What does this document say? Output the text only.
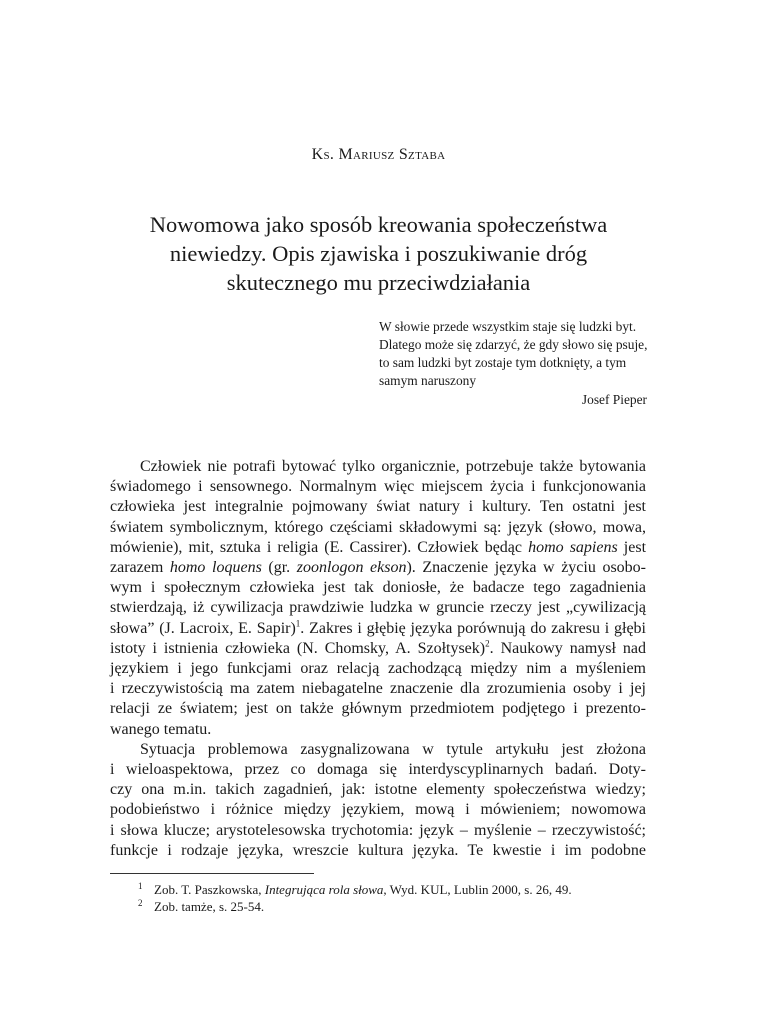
Ks. Mariusz Sztaba
Nowomowa jako sposób kreowania społeczeństwa
niewiedzy. Opis zjawiska i poszukiwanie dróg
skutecznego mu przeciwdziałania
W słowie przede wszystkim staje się ludzki byt.
Dlatego może się zdarzyć, że gdy słowo się psuje,
to sam ludzki byt zostaje tym dotknięty, a tym
samym naruszony
Josef Pieper
Człowiek nie potrafi bytować tylko organicznie, potrzebuje także bytowania
świadomego i sensownego. Normalnym więc miejscem życia i funkcjonowania
człowieka jest integralnie pojmowany świat natury i kultury. Ten ostatni jest
światem symbolicznym, którego częściami składowymi są: język (słowo, mowa,
mówienie), mit, sztuka i religia (E. Cassirer). Człowiek będąc homo sapiens jest
zarazem homo loquens (gr. zoonlogon ekson). Znaczenie języka w życiu osobo-
wym i społecznym człowieka jest tak doniosłe, że badacze tego zagadnienia
stwierdzają, iż cywilizacja prawdziwie ludzka w gruncie rzeczy jest „cywilizacją
słowa” (J. Lacroix, E. Sapir)$^1$. Zakres i głębię języka porównują do zakresu i głębi
istoty i istnienia człowieka (N. Chomsky, A. Szołtysek)$^2$. Naukowy namysł nad
językiem i jego funkcjami oraz relacją zachodzącą między nim a myśleniem
i rzeczywistością ma zatem niebagatelne znaczenie dla zrozumienia osoby i jej
relacji ze światem; jest on także głównym przedmiotem podjętego i prezento-
wanego tematu.
Sytuacja problemowa zasygnalizowana w tytule artykułu jest złożona
i wieloaspektowa, przez co domaga się interdyscyplinarnych badań. Doty-
czy ona m.in. takich zagadnień, jak: istotne elementy społeczeństwa wiedzy;
podobieństwo i różnice między językiem, mową i mówieniem; nowomowa
i słowa klucze; arystotelesowska trychotomia: język – myślenie – rzeczywistość;
funkcje i rodzaje języka, wreszcie kultura języka. Te kwestie i im podobne
1 Zob. T. Paszkowska, Integrująca rola słowa, Wyd. KUL, Lublin 2000, s. 26, 49.
2 Zob. tamże, s. 25-54.
